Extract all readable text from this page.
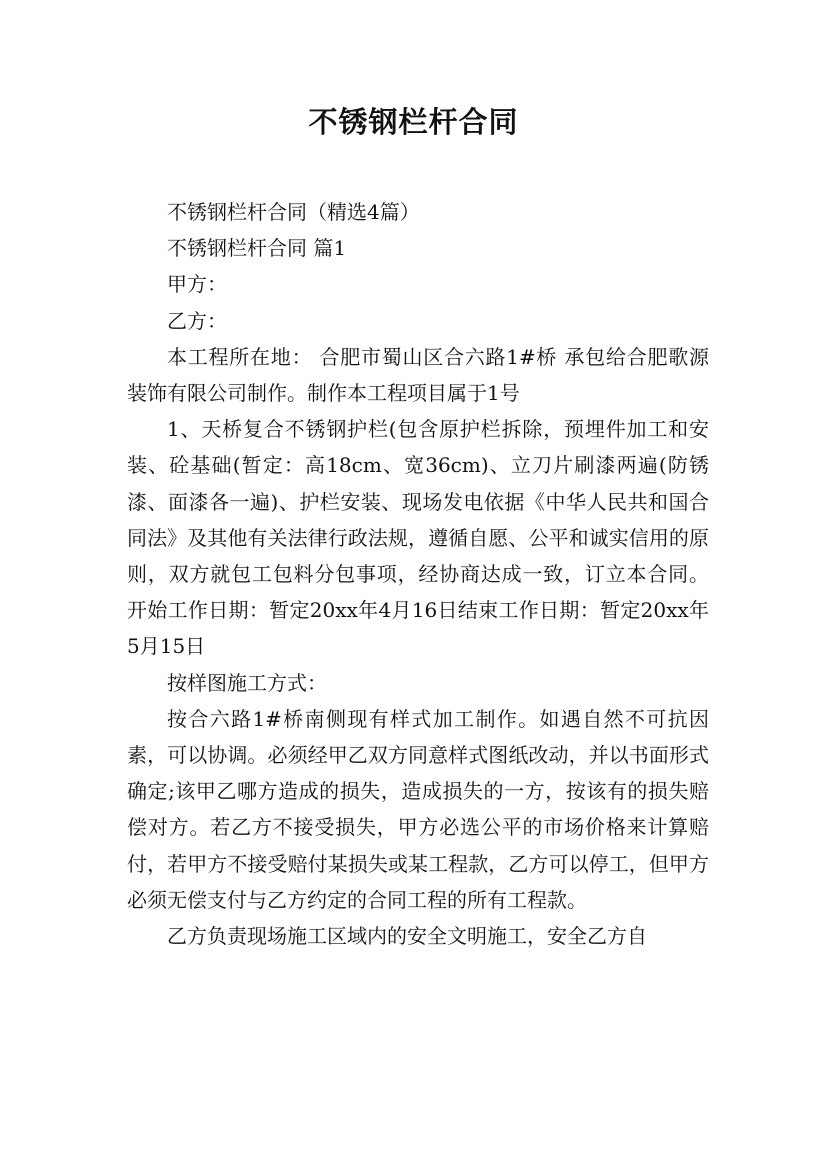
不锈钢栏杆合同

不锈钢栏杆合同（精选4篇）

不锈钢栏杆合同 篇1

甲方：

乙方：

本工程所在地： 合肥市蜀山区合六路1#桥 承包给合肥歌源装饰有限公司制作。制作本工程项目属于1号

1、天桥复合不锈钢护栏(包含原护栏拆除，预埋件加工和安装、砼基础(暂定：高18cm、宽36cm)、立刀片刷漆两遍(防锈漆、面漆各一遍)、护栏安装、现场发电依据《中华人民共和国合同法》及其他有关法律行政法规，遵循自愿、公平和诚实信用的原则，双方就包工包料分包事项，经协商达成一致，订立本合同。 开始工作日期：暂定20xx年4月16日结束工作日期：暂定20xx年5月15日

按样图施工方式：

按合六路1#桥南侧现有样式加工制作。如遇自然不可抗因素，可以协调。必须经甲乙双方同意样式图纸改动，并以书面形式确定;该甲乙哪方造成的损失，造成损失的一方，按该有的损失赔偿对方。若乙方不接受损失，甲方必选公平的市场价格来计算赔付，若甲方不接受赔付某损失或某工程款，乙方可以停工，但甲方必须无偿支付与乙方约定的合同工程的所有工程款。

乙方负责现场施工区域内的安全文明施工，安全乙方自
